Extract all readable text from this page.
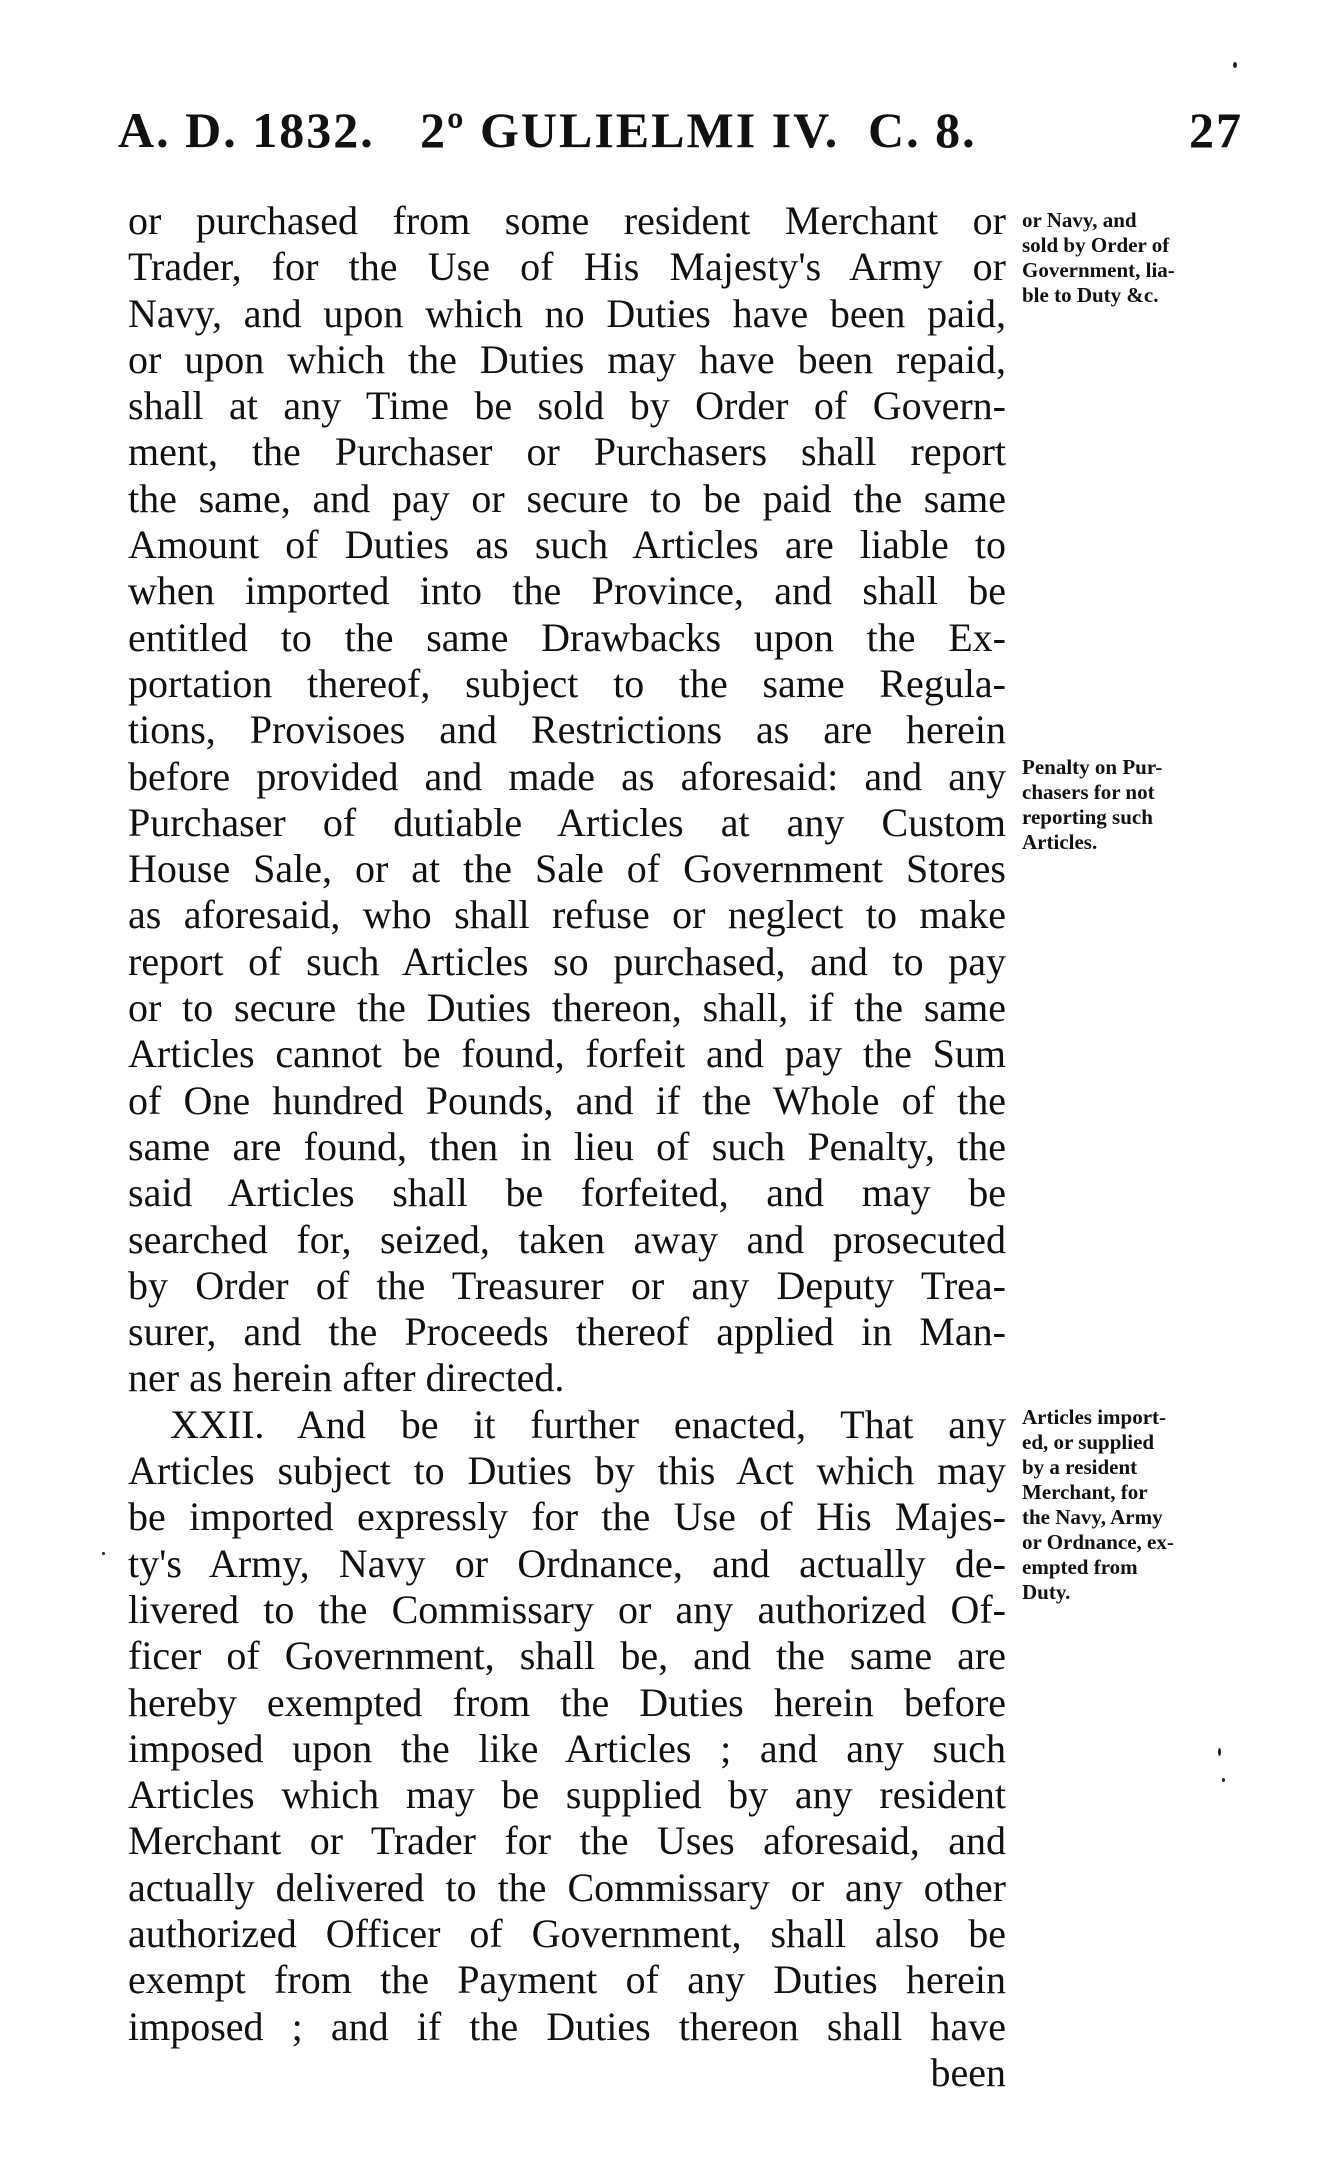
A. D. 1832. 2º GULIELMI IV. C. 8.	27
or purchased from some resident Merchant or
Trader, for the Use of His Majesty's Army or
Navy, and upon which no Duties have been paid,
or upon which the Duties may have been repaid,
shall at any Time be sold by Order of Govern-
ment, the Purchaser or Purchasers shall report
the same, and pay or secure to be paid the same
Amount of Duties as such Articles are liable to
when imported into the Province, and shall be
entitled to the same Drawbacks upon the Ex-
portation thereof, subject to the same Regula-
tions, Provisoes and Restrictions as are herein
before provided and made as aforesaid: and any
Purchaser of dutiable Articles at any Custom
House Sale, or at the Sale of Government Stores
as aforesaid, who shall refuse or neglect to make
report of such Articles so purchased, and to pay
or to secure the Duties thereon, shall, if the same
Articles cannot be found, forfeit and pay the Sum
of One hundred Pounds, and if the Whole of the
same are found, then in lieu of such Penalty, the
said Articles shall be forfeited, and may be
searched for, seized, taken away and prosecuted
by Order of the Treasurer or any Deputy Trea-
surer, and the Proceeds thereof applied in Man-
ner as herein after directed.
XXII. And be it further enacted, That any
Articles subject to Duties by this Act which may
be imported expressly for the Use of His Majes-
ty's Army, Navy or Ordnance, and actually de-
livered to the Commissary or any authorized Of-
ficer of Government, shall be, and the same are
hereby exempted from the Duties herein before
imposed upon the like Articles ; and any such
Articles which may be supplied by any resident
Merchant or Trader for the Uses aforesaid, and
actually delivered to the Commissary or any other
authorized Officer of Government, shall also be
exempt from the Payment of any Duties herein
imposed ; and if the Duties thereon shall have
been
or Navy, and
sold by Order of
Government, lia-
ble to Duty &c.
Penalty on Pur-
chasers for not
reporting such
Articles.
Articles import-
ed, or supplied
by a resident
Merchant, for
the Navy, Army
or Ordnance, ex-
empted from
Duty.
